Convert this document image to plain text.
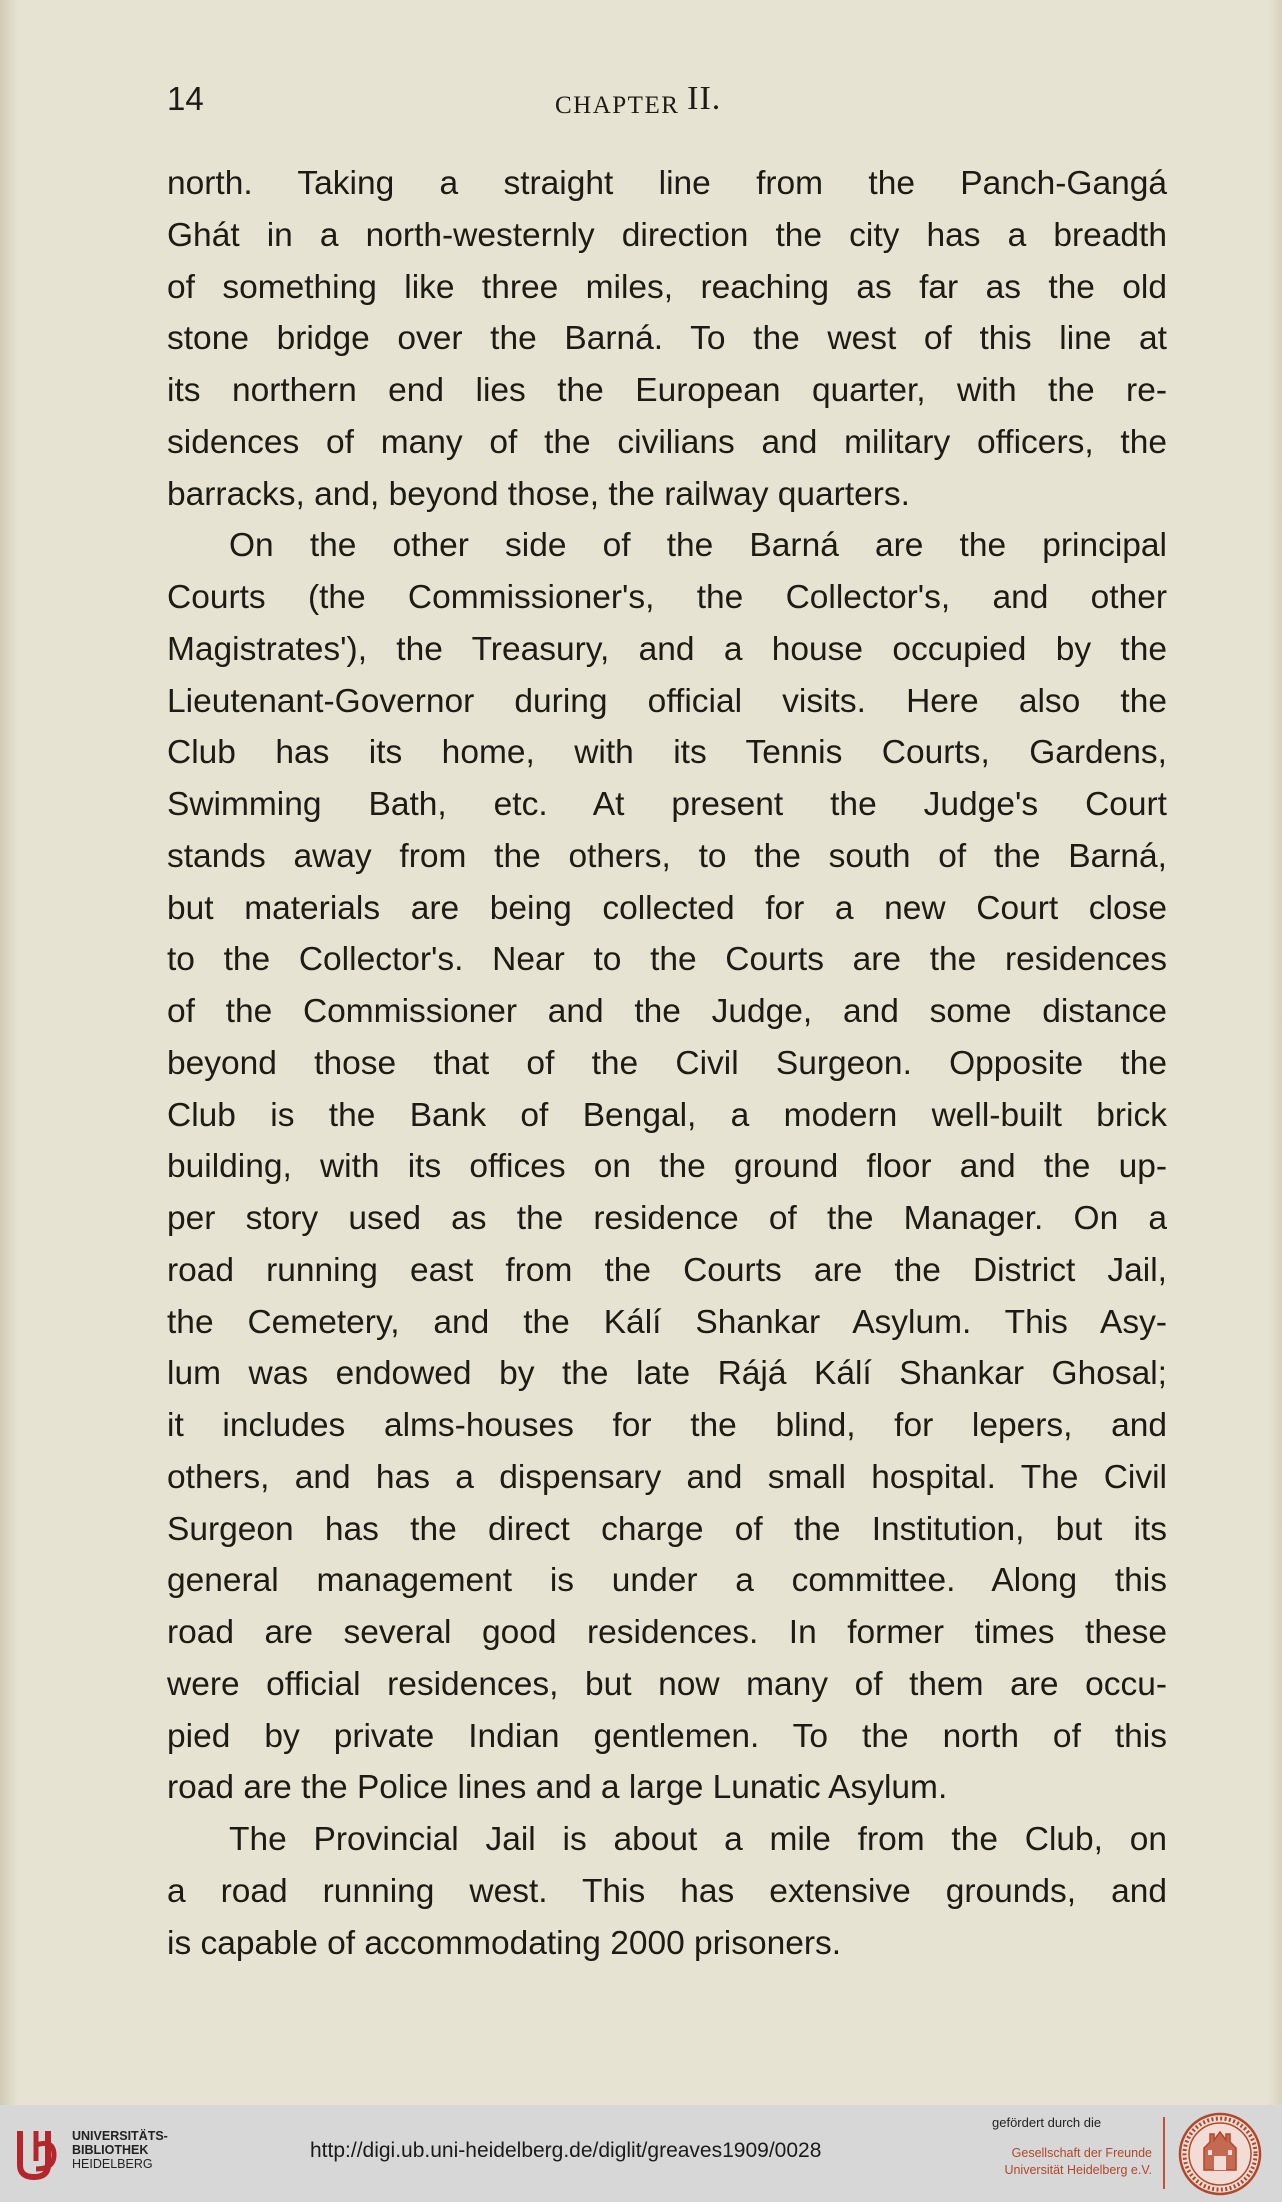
14	CHAPTER II.
north. Taking a straight line from the Panch-Gangá
Ghát in a north-westernly direction the city has a breadth
of something like three miles, reaching as far as the old
stone bridge over the Barná. To the west of this line at
its northern end lies the European quarter, with the re-
sidences of many of the civilians and military officers, the
barracks, and, beyond those, the railway quarters.
On the other side of the Barná are the principal
Courts (the Commissioner's, the Collector's, and other
Magistrates'), the Treasury, and a house occupied by the
Lieutenant-Governor during official visits. Here also the
Club has its home, with its Tennis Courts, Gardens,
Swimming Bath, etc. At present the Judge's Court
stands away from the others, to the south of the Barná,
but materials are being collected for a new Court close
to the Collector's. Near to the Courts are the residences
of the Commissioner and the Judge, and some distance
beyond those that of the Civil Surgeon. Opposite the
Club is the Bank of Bengal, a modern well-built brick
building, with its offices on the ground floor and the up-
per story used as the residence of the Manager. On a
road running east from the Courts are the District Jail,
the Cemetery, and the Kálí Shankar Asylum. This Asy-
lum was endowed by the late Rájá Kálí Shankar Ghosal;
it includes alms-houses for the blind, for lepers, and
others, and has a dispensary and small hospital. The Civil
Surgeon has the direct charge of the Institution, but its
general management is under a committee. Along this
road are several good residences. In former times these
were official residences, but now many of them are occu-
pied by private Indian gentlemen. To the north of this
road are the Police lines and a large Lunatic Asylum.
The Provincial Jail is about a mile from the Club, on
a road running west. This has extensive grounds, and
is capable of accommodating 2000 prisoners.
UNIVERSITÄTS-
BIBLIOTHEK
HEIDELBERG
http://digi.ub.uni-heidelberg.de/diglit/greaves1909/0028
gefördert durch die
Gesellschaft der Freunde
Universität Heidelberg e.V.
